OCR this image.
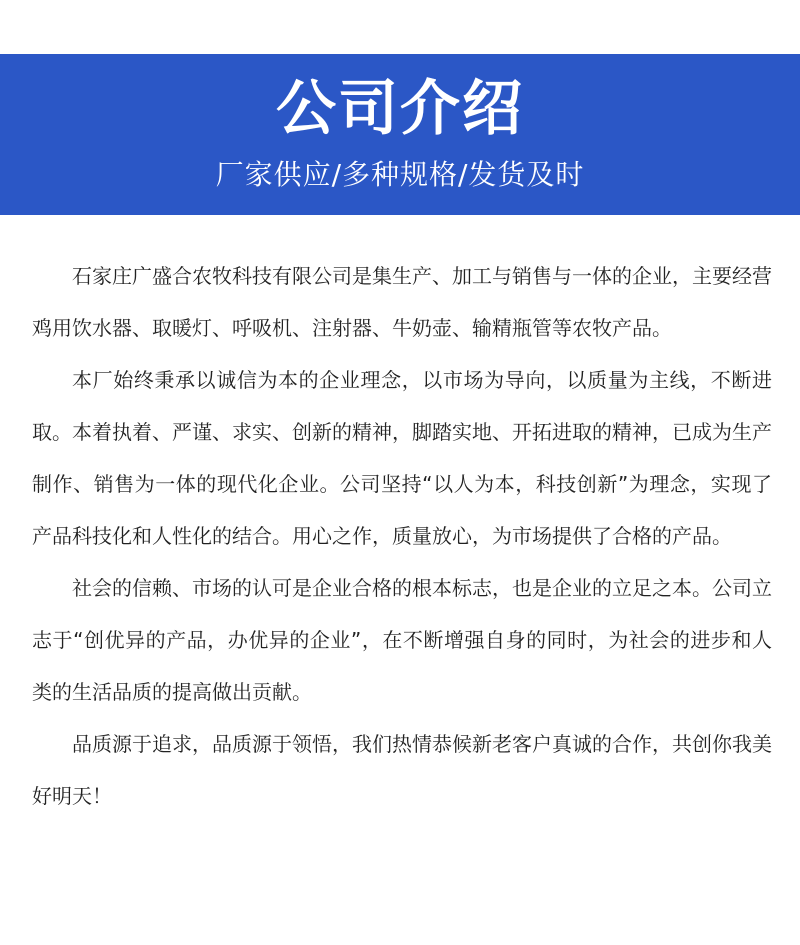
公司介绍
厂家供应/多种规格/发货及时

石家庄广盛合农牧科技有限公司是集生产、加工与销售与一体的企业，主要经营鸡用饮水器、取暖灯、呼吸机、注射器、牛奶壶、输精瓶管等农牧产品。

本厂始终秉承以诚信为本的企业理念，以市场为导向，以质量为主线，不断进取。本着执着、严谨、求实、创新的精神，脚踏实地、开拓进取的精神，已成为生产制作、销售为一体的现代化企业。公司坚持“以人为本，科技创新”为理念，实现了产品科技化和人性化的结合。用心之作，质量放心，为市场提供了合格的产品。

社会的信赖、市场的认可是企业合格的根本标志，也是企业的立足之本。公司立志于“创优异的产品，办优异的企业”，在不断增强自身的同时，为社会的进步和人类的生活品质的提高做出贡献。

品质源于追求，品质源于领悟，我们热情恭候新老客户真诚的合作，共创你我美好明天！
